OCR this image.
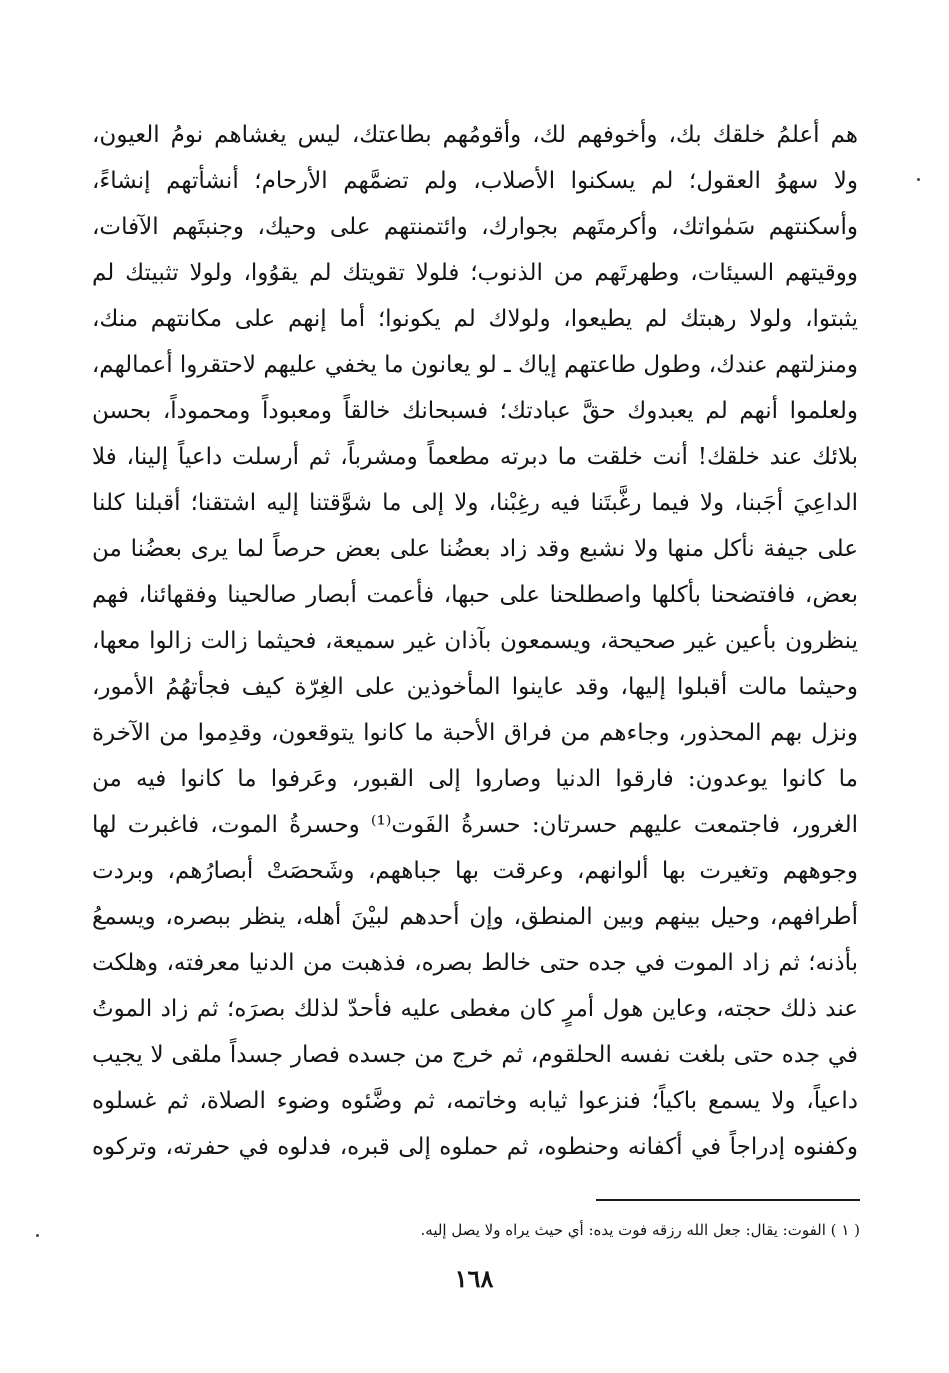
هم أعلمُ خلقك بك، وأخوفهم لك، وأقومُهم بطاعتك، ليس يغشاهم نومُ العيون،
ولا سهوُ العقول؛ لم يسكنوا الأصلاب، ولم تضمَّهم الأرحام؛ أنشأتهم إنشاءً،
وأسكنتهم سَمٰواتك، وأكرمتَهم بجوارك، وائتمنتهم على وحيك، وجنبتَهم الآفات،
ووقيتهم السيئات، وطهرتَهم من الذنوب؛ فلولا تقويتك لم يقوُوا، ولولا تثبيتك لم
يثبتوا، ولولا رهبتك لم يطيعوا، ولولاك لم يكونوا؛ أما إنهم على مكانتهم منك،
ومنزلتهم عندك، وطول طاعتهم إياك ـ لو يعانون ما يخفي عليهم لاحتقروا أعمالهم،
ولعلموا أنهم لم يعبدوك حقَّ عبادتك؛ فسبحانك خالقاً ومعبوداً ومحموداً، بحسن
بلائك عند خلقك! أنت خلقت ما دبرته مطعماً ومشرباً، ثم أرسلت داعياً إلينا، فلا
الداعِيَ أجَبنا، ولا فيما رغَّبتَنا فيه رغِبْنا، ولا إلى ما شوَّقتنا إليه اشتقنا؛ أقبلنا كلنا
على جيفة نأكل منها ولا نشبع وقد زاد بعضُنا على بعض حرصاً لما يرى بعضُنا من
بعض، فافتضحنا بأكلها واصطلحنا على حبها، فأعمت أبصار صالحينا وفقهائنا، فهم
ينظرون بأعين غير صحيحة، ويسمعون بآذان غير سميعة، فحيثما زالت زالوا معها،
وحيثما مالت أقبلوا إليها، وقد عاينوا المأخوذين على الغِرّة كيف فجأتهُمُ الأمور،
ونزل بهم المحذور، وجاءهم من فراق الأحبة ما كانوا يتوقعون، وقدِموا من الآخرة
ما كانوا يوعدون: فارقوا الدنيا وصاروا إلى القبور، وعَرفوا ما كانوا فيه من
الغرور، فاجتمعت عليهم حسرتان: حسرةُ الفَوت⁽¹⁾ وحسرةُ الموت، فاغبرت لها
وجوههم وتغيرت بها ألوانهم، وعرقت بها جباههم، وشَحصَتْ أبصارُهم، وبردت
أطرافهم، وحيل بينهم وبين المنطق، وإن أحدهم لبيْنَ أهله، ينظر ببصره، ويسمعُ
بأذنه؛ ثم زاد الموت في جده حتى خالط بصره، فذهبت من الدنيا معرفته، وهلكت
عند ذلك حجته، وعاين هول أمرٍ كان مغطى عليه فأحدّ لذلك بصرَه؛ ثم زاد الموتُ
في جده حتى بلغت نفسه الحلقوم، ثم خرج من جسده فصار جسداً ملقى لا يجيب
داعياً، ولا يسمع باكياً؛ فنزعوا ثيابه وخاتمه، ثم وضَّئوه وضوء الصلاة، ثم غسلوه
وكفنوه إدراجاً في أكفانه وحنطوه، ثم حملوه إلى قبره، فدلوه في حفرته، وتركوه
( ١ ) الفوت: يقال: جعل الله رزقه فوت يده: أي حيث يراه ولا يصل إليه.
١٦٨
